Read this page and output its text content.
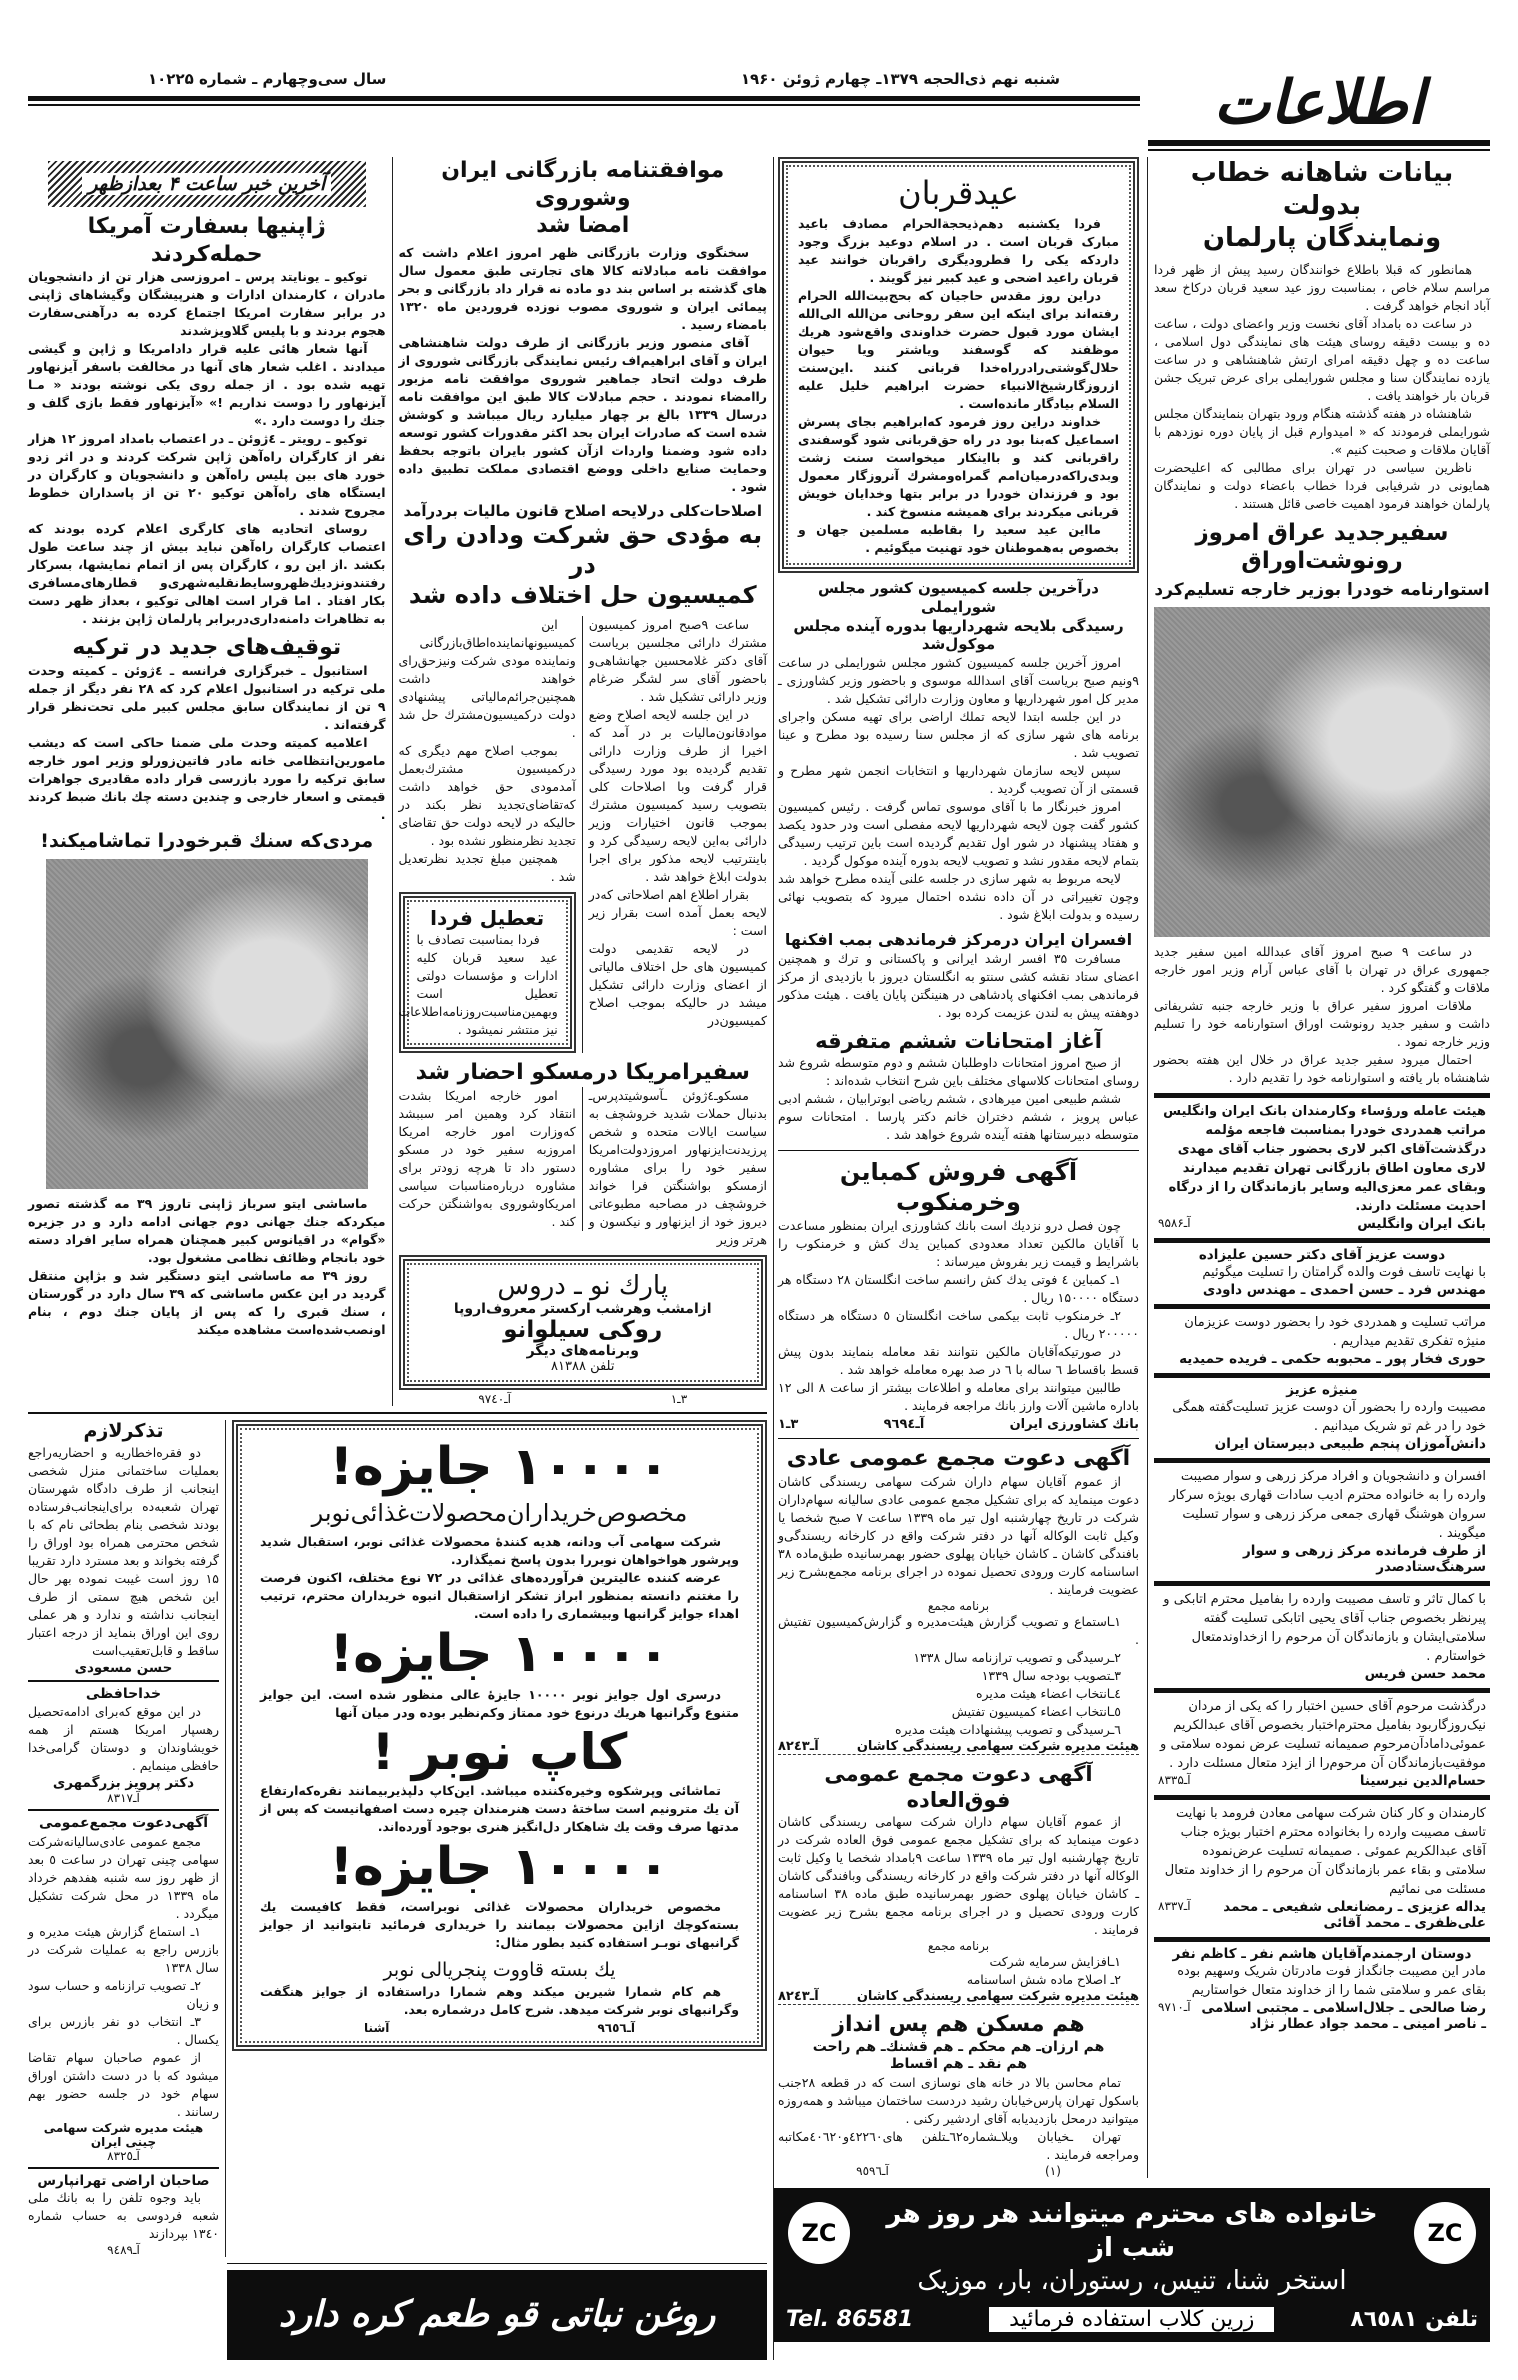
اطلاعات
شنبه نهم ذی‌الحجه ۱۳۷۹ـ چهارم ژوئن ۱۹۶۰
سال سی‌وچهارم ـ شماره ۱۰۲۲۵
بیانات شاهانه خطاب بدولت
ونمایندگان پارلمان

همانطور که قبلا باطلاع خوانندگان رسید پیش از ظهر فردا مراسم سلام خاص ، بمناسبت روز عید سعید قربان درکاخ سعد آباد انجام خواهد گرفت .

در ساعت ده بامداد آقای نخست وزیر واعضای دولت ، ساعت ده و بیست دقیقه روسای هیئت های نمایندگی دول اسلامی ، ساعت ده و چهل دقیقه امرای ارتش شاهنشاهی و در ساعت یازده نمایندگان سنا و مجلس شورایملی برای عرض تبریک جشن قربان بار خواهند یافت .

شاهنشاه در هفته گذشته هنگام ورود بتهران بنمایندگان مجلس شورایملی فرمودند که « امیدوارم قبل از پایان دوره نوزدهم با آقایان ملاقات و صحبت کنیم ».

ناظرین سیاسی در تهران برای مطالبی که اعلیحضرت همایونی در شرفیابی فردا خطاب باعضاء دولت و نمایندگان پارلمان خواهند فرمود اهمیت خاصی قائل هستند .

سفیرجدید عراق امروز رونوشت‌اوراق
استوارنامه خودرا بوزیر خارجه تسلیم‌کرد

در ساعت ۹ صبح امروز آقای عبدالله امین سفیر جدید جمهوری عراق در تهران با آقای عباس آرام وزیر امور خارجه ملاقات و گفتگو کرد .

ملاقات امروز سفیر عراق با وزیر خارجه جنبه تشریفاتی داشت و سفیر جدید رونوشت اوراق استوارنامه خود را تسلیم وزیر خارجه نمود .

احتمال میرود سفیر جدید عراق در خلال این هفته بحضور شاهنشاه بار یافته و استوارنامه خود را تقدیم دارد .

هیئت عامله ورؤساء وکارمندان بانک ایران وانگلیس مراتب همدردی خودرا بمناسبت فاجعه مؤلمه درگذشت‌آقای اکبر لاری بحضور جناب آقای مهدی لاری معاون اطاق بازرگانی تهران تقدیم میدارند وبقای عمر معزی‌الیه وسایر بازماندگان را از درگاه احدیت مسئلت دارند.

بانک ایران وانگلیس
آـ۹۵۸۶
دوست عزیز آقای دکتر حسین علیزاده

با نهایت تاسف فوت والده گرامتان را تسلیت میگوئیم

مهندس فرد ـ حسن احمدی ـ مهندس داودی

مراتب تسلیت و همدردی خود را بحضور دوست عزیزمان منیژه تفکری تقدیم میداریم .

حوری فخار پور ـ محبوبه حکمی ـ فریده حمیدیه
منیژه عزیز

مصیبت وارده را بحضور آن دوست عزیز تسلیت‌گفته همگی خود را در غم تو شریک میدانیم .

دانش‌آموزان پنجم طبیعی دبیرستان ایران

افسران و دانشجویان و افراد مرکز زرهی و سوار مصیبت وارده را به خانواده محترم ادیب سادات قهاری بویژه سرکار سروان هوشنگ قهاری جمعی مرکز زرهی و سوار تسلیت میگویند .

از طرف فرمانده مرکز زرهی و سوار سرهنگ‌ستادصدر

با کمال تاثر و تاسف مصیبت وارده را بفامیل محترم اتابکی و پیرنظر بخصوص جناب آقای یحیی اتابکی تسلیت گفته سلامتی‌ایشان و بازماندگان آن مرحوم را ازخداوندمتعال خواستارم .

محمد حسن فریس

درگذشت مرحوم آقای حسین اختبار را که یکی از مردان نیک‌روزگاربود بفامیل محترم‌اختبار بخصوص آقای عبدالکریم عموئی‌دامادآن‌مرحوم صمیمانه تسلیت عرض نموده سلامتی و موفقیت‌بازماندگان آن مرحوم‌را از ایزد متعال مسئلت دارد .

حسام‌الدین نیرسینا
آـ۸۳۳۵

کارمندان و کار کنان شرکت سهامی معادن فرومد با نهایت تاسف مصیبت وارده را بخانواده محترم اختبار بویژه جناب آقای عبدالکریم عموئی . صمیمانه تسلیت عرض‌نموده سلامتی و بقاء عمر بازماندگان آن مرحوم را از خداوند متعال مسئلت می نمائیم

یداله عزیزی ـ رمضانعلی شفیعی ـ محمد علی‌ظفری ـ محمد آقائی
آـ۸۳۳۷
دوستان ارجمندم‌آقایان هاشم نفر ـ کاظم نفر

مادر این مصیبت جانگداز فوت مادرتان شریک وسهیم بوده بقای عمر و سلامتی شما را از خداوند متعال خواستاریم

رضا صالحی ـ جلال‌اسلامی ـ مجتبی اسلامی ـ ناصر امینی ـ محمد جواد عطار نژاد
آـ۹۷۱۰
عیدقربان

فردا یکشنبه دهم‌ذیحجة‌الحرام مصادف باعید مبارک قربان است . در اسلام دوعید بزرگ وجود داردکه یکی را فطرودیگری راقربان خوانند عید قربان راعید اضحی و عید کبیر نیز گویند .

دراین روز مقدس حاجیان که بحج‌بیت‌الله الحرام رفته‌اند برای اینکه این سفر روحانی من‌الله الی‌الله ایشان مورد قبول حضرت خداوندی واقع‌شود هریك موظفند که گوسفند ویاشتر ویا حیوان حلال‌گوشتی‌رادرراه‌خدا قربانی کنند .این‌سنت ازروزگارشیخ‌الانبیاء حضرت ابراهیم خلیل علیه السلام بیادگار مانده‌است .

خداوند دراین روز فرمود که‌ابراهیم بجای پسرش اسماعیل که‌بنا بود در راه حق‌قربانی شود گوسفندی راقربانی کند و بااینکار میخواست سنت زشت وبدی‌راکه‌درمیان‌امم گمراه‌ومشرك آنروزگار معمول بود و فرزندان خودرا در برابر بتها وخدایان خویش قربانی میکردند برای همیشه منسوخ کند .

مااین عید سعید را بقاطبه مسلمین جهان و بخصوص به‌هموطنان خود تهنیت میگوئیم .

درآخرین جلسه کمیسیون کشور مجلس شورایملی
رسیدگی بلایحه شهرداریها بدوره آینده مجلس موکول‌شد

امروز آخرین جلسه کمیسیون کشور مجلس شورایملی در ساعت ۹ونیم صبح بریاست آقای اسدالله موسوی و باحضور وزیر کشاورزی ـ مدیر کل امور شهرداریها و معاون وزارت دارائی تشکیل شد .

در این جلسه ابتدا لایحه تملك اراضی برای تهیه مسکن واجرای برنامه های شهر سازی که از مجلس سنا رسیده بود مطرح و عینا تصویب شد .

سپس لایحه سازمان شهرداریها و انتخابات انجمن شهر مطرح و قسمتی از آن تصویب گردید .

امروز خبرنگار ما با آقای موسوی تماس گرفت . رئیس کمیسیون کشور گفت چون لایحه شهرداریها لایحه مفصلی است ودر حدود یکصد و هفتاد پیشنهاد در شور اول تقدیم گردیده است باین ترتیب رسیدگی بتمام لایحه مقدور نشد و تصویب لایحه بدوره آینده موکول گردید .

لایحه مربوط به شهر سازی در جلسه علنی آینده مطرح خواهد شد وچون تغییراتی در آن داده نشده احتمال میرود که بتصویب نهائی رسیده و بدولت ابلاغ شود .

افسران ایران درمرکز فرماندهی بمب افکنها

مسافرت ۳۵ افسر ارشد ایرانی و پاکستانی و ترك و همچنین اعضای ستاد نقشه کشی سنتو به انگلستان دیروز با بازدیدی از مرکز فرماندهی بمب افکنهای پادشاهی در هنینگتن پایان یافت . هیئت مذکور دوهفته پیش به لندن عزیمت کرده بود .

آغاز امتحانات ششم متفرقه

از صبح امروز امتحانات داوطلبان ششم و دوم متوسطه شروع شد روسای امتحانات کلاسهای مختلف باین شرح انتخاب شده‌اند :

ششم طبیعی امین میرهادی ، ششم ریاضی ابوترابیان ، ششم ادبی عباس پرویز ، ششم دختران خانم دکتر پارسا . امتحانات سوم متوسطه دبیرستانها هفته آینده شروع خواهد شد .

آگهی فروش کمباین وخرمنکوب

چون فصل درو نزدیك است بانك كشاورزی ایران بمنظور مساعدت با آقایان مالکین تعداد معدودی کمباین یدك کش و خرمنکوب را باشرایط و قیمت زیر بفروش میرساند :

۱ـ کمباین ٤ فوتی یدك کش رانسم ساخت انگلستان ۲۸ دستگاه هر دستگاه ۱۵۰۰۰۰ ریال .

۲ـ خرمنکوب ثابت بیکمی ساخت انگلستان ٥ دستگاه هر دستگاه ۲۰۰۰۰۰ ریال .

در صورتیکه‌آقایان مالکین نتوانند نقد معامله بنمایند بدون پیش قسط باقساط ٦ ساله با ٦ در صد بهره معامله خواهد شد .

طالبین میتوانند برای معامله و اطلاعات بیشتر از ساعت ۸ الی ۱۲ باداره ماشین آلات وارز بانك مراجعه فرمایند .

بانك كشاورزی ایران
آـ۹٦۹٤
۳ـ۱
آگهی دعوت مجمع عمومی عادی

از عموم آقایان سهام داران شرکت سهامی ریسندگی کاشان دعوت مینماید که برای تشکیل مجمع عمومی عادی سالیانه سهام‌داران شرکت در تاریخ چهارشنبه اول تیر ماه ۱۳۳۹ ساعت ۷ صبح شخصا یا وکیل ثابت الوکاله آنها در دفتر شرکت واقع در کارخانه ریسندگی‌و بافندگی کاشان ـ کاشان خیابان پهلوی حضور بهمرسانیده طبق‌ماده ۳۸ اساسنامه کارت ورودی تحصیل نموده در اجرای برنامه مجمع‌بشرح زیر عضویت فرمایند .

برنامه مجمع

۱ـاستماع و تصویب گزارش هیئت‌مدیره و گزارش‌کمیسیون تفتیش .

۲ـرسیدگی و تصویب ترازنامه سال ۱۳۳۸

۳ـتصویب بودجه سال ۱۳۳۹

٤ـانتخاب اعضاء هیئت مدیره

٥ـانتخاب اعضاء کمیسیون تفتیش

٦ـرسیدگی و تصویب پیشنهادات هیئت مدیره

هیئت مدیره شرکت سهامی ریسندگی کاشان
آـ۸۲٤۳
آگهی دعوت مجمع عمومی فوق‌العاده

از عموم آقایان سهام داران شرکت سهامی ریسندگی کاشان دعوت مینماید که برای تشکیل مجمع عمومی فوق العاده شرکت در تاریخ چهارشنبه اول تیر ماه ۱۳۳۹ ساعت ۹بامداد شخصا یا وکیل ثابت الوکاله آنها در دفتر شرکت واقع در کارخانه ریسندگی وبافندگی کاشان ـ کاشان خیابان پهلوی حضور بهمرسانیده طبق ماده ۳۸ اساسنامه کارت ورودی تحصیل و در اجرای برنامه مجمع بشرح زیر عضویت فرمایند .

برنامه مجمع

۱ـافزایش سرمایه شرکت

۲ـ اصلاح ماده شش اساسنامه

هیئت مدیره شرکت سهامی ریسندگی کاشان
آـ۸۲٤۳
هم مسکن هم پس انداز
هم ارزان‌ـ هم محکم ـ هم قشنك‌ـ هم راحت
هم نقد ـ هم اقساط

تمام محاسن بالا در خانه های نوسازی است که در قطعه ۲۸جنب باسکول تهران پارس‌خیابان رشید دردست ساختمان میباشد و همه‌روزه میتوانید درمحل بازدیدیابه آقای اردشیر رکنی .

تهران ـخیابان ویلاـشماره٦۲ـتلفن های٤۲۲٦۰و٤۰٦۲۰مکاتبه ومراجعه فرمایند .

(۱)
آـ۹٥۹٦
ZC
ZC
خانواده های محترم میتوانند هر روز هر شب از
استخر شنا، تنیس، رستوران، بار، موزیک
تلفن ۸٦٥۸۱
زرین کلاب استفاده فرمائید
Tel. 86581
موافقتنامه بازرگانی ایران وشوروی
امضا شد

سخنگوی وزارت بازرگانی ظهر امروز اعلام داشت که موافقت نامه مبادلاته کالا های تجارتی طبق معمول سال های گذشته بر اساس بند دو ماده نه قرار داد بازرگانی و بحر پیمائی ایران و شوروی مصوب نوزده فروردین ماه ۱۳۲۰ بامضاء رسید .

آقای منصور وزیر بازرگانی از طرف دولت شاهنشاهی ایران و آقای ابراهیم‌اف رئیس نمایندگی بازرگانی شوروی از طرف دولت اتحاد جماهیر شوروی موافقت نامه مزبور راامضاء نمودند . حجم مبادلات کالا طبق این موافقت نامه درسال ۱۳۳۹ بالغ بر چهار میلیارد ریال میباشد و کوشش شده است که صادرات ایران بحد اکثر مقدورات کشور توسعه داده شود وضمنا واردات ازآن کشور بایران باتوجه بحفظ وحمایت صنایع داخلی ووضع اقتصادی مملکت تطبیق داده شود .

اصلاحات‌کلی درلایحه اصلاح قانون مالیات بردرآمد
به مؤدی حق شرکت ودادن رای در
کمیسیون حل اختلاف داده شد

ساعت ۹صبح امروز کمیسیون مشترك دارائی مجلسین بریاست آقای دکتر غلامحسین جهانشاهی‌و باحضور آقای سر لشگر ضرغام وزیر دارائی تشکیل شد .

در این جلسه لایحه اصلاح وضع موادقانون‌مالیات بر در آمد که اخیرا از طرف وزارت دارائی تقدیم گردیده بود مورد رسیدگی قرار گرفت وبا اصلاحات کلی بتصویب رسید کمیسیون مشترك بموجب قانون اختیارات وزیر دارائی به‌این لایحه رسیدگی کرد و باینترتیب لایحه مذکور برای اجرا بدولت ابلاغ خواهد شد .

بقرار اطلاع اهم اصلاحاتی که‌در لایحه بعمل آمده است بقرار زیر است :

در لایحه تقدیمی دولت کمیسیون های حل اختلاف مالیاتی از اعضای وزارت دارائی تشکیل میشد در حالیکه بموجب اصلاح کمیسیون‌در

این کمیسیونهانماینده‌اطاق‌بازرگانی ونماینده مودی شرکت ونیزحق‌رای خواهند داشت همچنین‌جرائم‌مالیاتی پیشنهادی دولت درکمیسیون‌مشترك حل شد .

بموجب اصلاح مهم دیگری که درکمیسیون مشترك‌بعمل آمدمودی حق خواهد داشت که‌تقاضای‌تجدید نظر بکند در حالیکه در لایحه دولت حق تقاضای تجدید نظرمنظور نشده بود .

همچنین مبلغ تجدید نظرتعدیل شد .

تعطیل فردا

فردا بمناسبت تصادف با عید سعید قربان کلیه ادارات و مؤسسات دولتی تعطیل است وبهمین‌مناسبت‌روزنامه‌اطلاعات نیز منتشر نمیشود .

سفیرامریکا درمسکو احضار شد

مسکوـ٤ژوئن ـآسوشیتدپرس‌ـ بدنبال حملات شدید خروشچف به سیاست ایالات متحده و شخص پرزیدنت‌ایزنهاور امروزدولت‌امریکا سفیر خود را برای مشاوره ازمسکو بواشنگتن فرا خواند خروشچف در مصاحبه مطبوعاتی دیروز خود از ایزنهاور و نیکسون و هرتر وزیر

امور خارجه امریکا بشدت انتقاد کرد وهمین امر سببشد که‌وزارت امور خارجه امریکا امروزبه سفیر خود در مسکو دستور داد تا هرچه زودتر برای مشاوره درباره‌مناسبات سیاسی امریکاوشوروی به‌واشنگتن حرکت کند .

پارك نو ـ دروس
ازامشب وهرشب ارکستر معروف‌اروپا
روکی سیلوانو
وبرنامه‌های دیگر
تلفن ۸۱۳۸۸
۳ـ۱
آـ۹۷٤۰
آخرین خبر ساعت ۴ بعدازظهر
ژاپنیها بسفارت آمریکا حمله‌کردند

توکیو ـ یونایتد پرس ـ امروزسی هزار تن از دانشجویان مادران ، کارمندان ادارات و هنرپیشگان وگیشاهای ژاپنی در برابر سفارت امریکا اجتماع کرده به درآهنی‌سفارت هجوم بردند و با پلیس گلاویزشدند

آنها شعار هائی علیه قرار دادامریکا و ژاپن و گیشی میدادند . اغلب شعار های آنها در مخالفت باسفر آیزنهاور تهیه شده بود . از جمله روی یکی نوشته بودند « مـا آیزنهاور را دوست نداریم !» «آیزنهاور فقط بازی گلف و جنك را دوست دارد .»

توکیو ـ رویتر ـ ٤ژوئن ـ در اعتصاب بامداد امروز ۱۲ هزار نفر از کارگران راه‌آهن ژاپن شرکت کردند و در اثر زدو خورد های بین پلیس راه‌آهن و دانشجویان و کارگران در ایستگاه های راه‌آهن توکیو ۲۰ تن از پاسداران خطوط مجروح شدند .

روسای اتحادیه های کارگری اعلام کرده بودند که اعتصاب کارگران راه‌آهن نباید بیش از چند ساعت طول بکشد .از این رو ، کارگران پس از اتمام نمایشها، بسرکار رفتندونزدیك‌ظهروسایط‌نقلیه‌شهری‌و قطارهای‌مسافری بکار افتاد . اما قرار است اهالی توکیو ، بعداز ظهر دست به تظاهرات دامنه‌داری‌دربرابر پارلمان ژاپن بزنند .

توقیف‌های جدید در ترکیه

استانبول ـ خبرگزاری فرانسه ـ ٤ژوئن ـ کمیته وحدت ملی ترکیه در استانبول اعلام کرد که ۲۸ نفر دیگر از جمله ۹ تن از نمایندگان سابق مجلس کبیر ملی تحت‌نظر قرار گرفته‌اند .

اعلامیه کمیته وحدت ملی ضمنا حاکی است که دیشب مامورین‌انتظامی خانه مادر فاتین‌زورلو وزیر امور خارجه سابق ترکیه را مورد بازرسی قرار داده مقادیری جواهرات قیمتی و اسعار خارجی و چندین دسته چك بانك ضبط کردند .

مردی‌که سنك قبرخودرا تماشامیکند!

ماساشی ایتو سرباز ژاپنی تاروز ۳۹ مه گذشته تصور میکردکه جنك جهانی دوم جهانی ادامه دارد و در جزیره «گوام» در اقیانوس کبیر همچنان همراه سایر افراد دسته خود بانجام وظائف نظامی مشغول بود.

روز ۳۹ مه ماساشی ایتو دستگیر شد و بژاپن منتقل گردید در این عکس ماساشی که ۳۹ سال دارد در گورستان ، سنك قبری را که پس از پایان جنك دوم ، بنام اونصب‌شده‌است مشاهده میکند

۱۰۰۰۰ جایزه!
مخصوص‌خریداران‌محصولات‌غذائی‌نوبر

شرکت سهامی آب ودانه، هدیه کنندهٔ محصولات غذائی نوبر، استقبال شدید وپرشور هواخواهان نوبررا بدون پاسخ نمیگذارد.

عرضه کننده عالیترین فرآورده‌های غذائی در ۷۲ نوع مختلف، اکنون فرصت را مغتنم دانسته بمنظور ابراز تشکر ازاستقبال انبوه خریداران محترم، ترتیب اهداء جوایز گرانبها وبیشماری را داده است.

۱۰۰۰۰ جایزه!

درسری اول جوایز نوبر ۱۰۰۰۰ جایزهٔ عالی منظور شده است. این جوایز متنوع وگرانبها هریك درنوع خود ممتاز وکم‌نظیر بوده ودر میان آنها

کاپ نوبر !

تماشائی وپرشکوه وخیره‌کننده میباشد. این‌کاپ دلپذیربیمانند نقره‌که‌ارتفاع آن یك مترونیم است ساختهٔ دست هنرمندان چیره دست اصفهانیست که پس از مدتها صرف وقت یك شاهکار دل‌انگیز هنری بوجود آورده‌اند.

۱۰۰۰۰ جایزه!

مخصوص خریداران محصولات غذائی نوبراست، فقط کافیست یك بسته‌کوچك ازاین محصولات بیمانند را خریداری فرمائید تابتوانید از جوایز گرانبهای نوبـر استفاده کنید بطور مثال:

یك بسته قاووت پنجریالی نوبر

هم کام شمارا شیرین میکند وهم شمارا دراستفاده از جوایز هنگفت وگرانبهای نوبر شرکت میدهد. شرح کامل درشماره بعد.

آـ۹٦٥٦
آشنا
تذکرلازم

دو فقره‌اخطاریه و احضاریه‌راجع بعملیات ساختمانی منزل شخصی اینجانب از طرف دادگاه شهرستان تهران شعبه‌ده برای‌اینجانب‌فرستاده بودند شخصی بنام بطحائی نام که با شخص محترمی همراه بود اوراق را گرفته بخواند و بعد مسترد دارد تقریبا ۱۵ روز است غیبت نموده بهر حال این شخص هیچ سمتی از طرف اینجانب نداشته و ندارد و هر عملی روی این اوراق بنماید از درجه اعتبار ساقط و قابل‌تعقیب‌است

حسن مسعودی
خداحافظی

در این موقع که‌برای ادامه‌تحصیل رهسپار امریکا هستم از همه خویشاوندان و دوستان گرامی‌خدا حافظی مینمایم .

دکتر پرویز بزرگمهری
آـ۸۳۱۷
آگهی‌دعوت مجمع‌عمومی

مجمع عمومی عادی‌سالیانه‌شرکت سهامی چینی تهران در ساعت ٥ بعد از ظهر روز سه شنبه هفدهم خرداد ماه ۱۳۳۹ در محل شرکت تشکیل میگردد .

۱ـ استماع گزارش هیئت مدیره و بازرس راجع به عملیات شرکت در سال ۱۳۳۸

۲ـ تصویب ترازنامه و حساب سود و زیان

۳ـ انتخاب دو نفر بازرس برای یکسال .

از عموم صاحبان سهام تقاضا میشود که با در دست داشتن اوراق سهام خود در جلسه حضور بهم رسانند .

هیئت مدیره شرکت سهامی چینی ایران
آـ۸۳۲٥
صاحبان اراضی تهرانپارس

باید وجوه تلفن را به بانك ملی شعبه فردوسی به حساب شماره ۱۳٤۰ بپردازند

آـ۹٤۸۹
روغن نباتی قو طعم کره دارد
